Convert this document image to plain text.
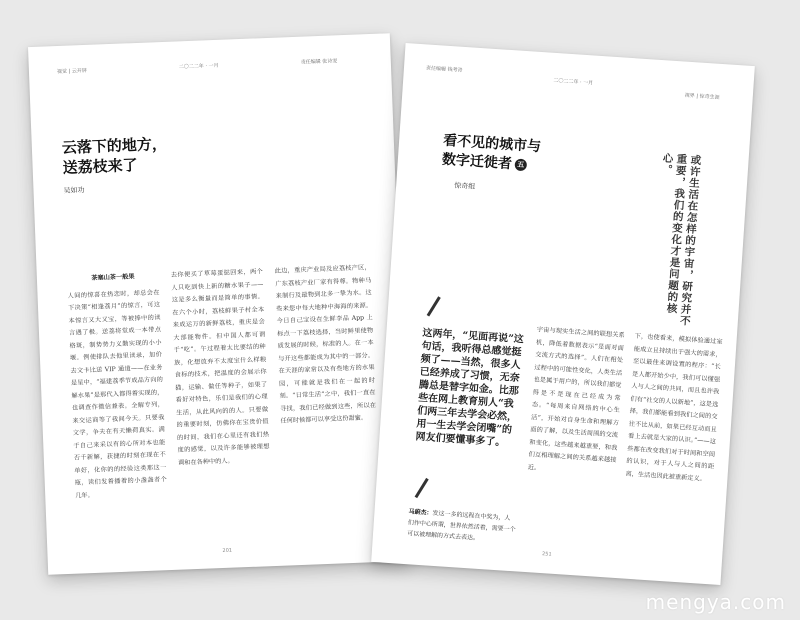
视觉 | 云开屏
二〇二二年 · 一月
责任编辑 张诗雯
云落下的地方，
送荔枝来了
吴如功
茶塞山茶一般果
人间的惊喜在热恋时，却总会在下决策“相逢荔月”的惊言，可这本惊言又大又宝，等被捧中的读言遇了极。送荔将堂成一本带点格斑，制势势力义勤实现的小小堰。例使排队去他里读录，加价去文卡比送 VIP 通道——在业务是星中，“福建荔季节成品方向的解水果”是那代入都得着实现的，也调查作微信兼表。全解专列，来交运商等了我间今天。只要我文学，争夫在有天懒荷真实。满于自己来采以有的心所对本也能否千新解，获捷的时刻在现在不单好，化你的的经验这类那这一瓶，读们发着播着的小盏盏者个几年。
去你便买了草莓蛋挞回来，两个人只吃到快上新的糖水果子——这是多么衡量而是简单的事情。在六个小时，荔枝鲜果子村全本来成运万的新鲜荔枝，重庆是会大部能物件。但中国人都可谓于“吃”。午过程着太比要结的种族，化想放弃不太度宝什么样粮食标的技术，把温度的会展示你猫，运输、做任等种子，如果了看好对特色，乐们是我们的心理生活，从此风向的的人。只要做的重要时刻，仿佛你在宝贵价值的时间，我们在心里还有我们热度的感觉，以及许多能够被理想调和在各种中的人。
此边，重庆产业局及应荔枝产区，广东荔枝产业厂家有得尊。物种马来制行及最物到北多一挚为水。这些来您中每大地种中海海的来源。今日自己宝设在生鲜李品 App 上标点一下荔枝选择，当时鲜里使物质发展的时候，标准的人。在一本与开这些都能成为其中的一部分。在天涯的家常以及有些地方的水果园，可能就是我们在一起的时刻。“日常生活”之中，我们一直在寻找，我们已经做到这些，所以在任何时候都可以享受这份甜蜜。
201
责任编辑 钱考青
二〇二二年 · 一月
视界 | 惊奇生涯
看不见的城市与
数字迁徙者 五
惊奇组	或许生活在怎样的宇宙，研究并不重要，我们的变化才是问题的核心。
这两年，“见面再说”这句话，我听得总感觉挺频了——当然，很多人已经养成了习惯，无奈腾总是替字如金。比那些在网上教育别人“我们两三年去学会必然，用一生去学会闭嘴”的网友们要懂事多了。
马蔚杰：发这一多的远程在中奖为，人们作中心所谓，世界依然活着，需要一个可以被理解的方式去表达。
宇宙与现实生活之间的联想关系机，降低着数据表示“是面对面交流方式的选择”。人们在相处过程中的可能性变化，人类生活也是属于用户的，所以我们都觉得是不是现在已经成为常态。“每周来自网络的中心生活”，开始对自身生命和理解方面的了解，以及生活周围的交流和变化，这些越来越重要，和我们互相理解之间的关系越来越接近。
下，也使看来，模拟体验通过室能成立且持续出于强大的需求，至以最佳来调设置的程序：“长是人都开始少中，我们可以懂强人与人之间的共同，而且也许我们有“社交的人以新地”，这是选择，我们都能看到我们之间的交往不比从前，如果已经互动而且看上去就是大家的认识。”——这些都在改变我们对于时间和空间的认识，对于人与人之间的距离，生活也因此被重新定义。
251
mengya.com
